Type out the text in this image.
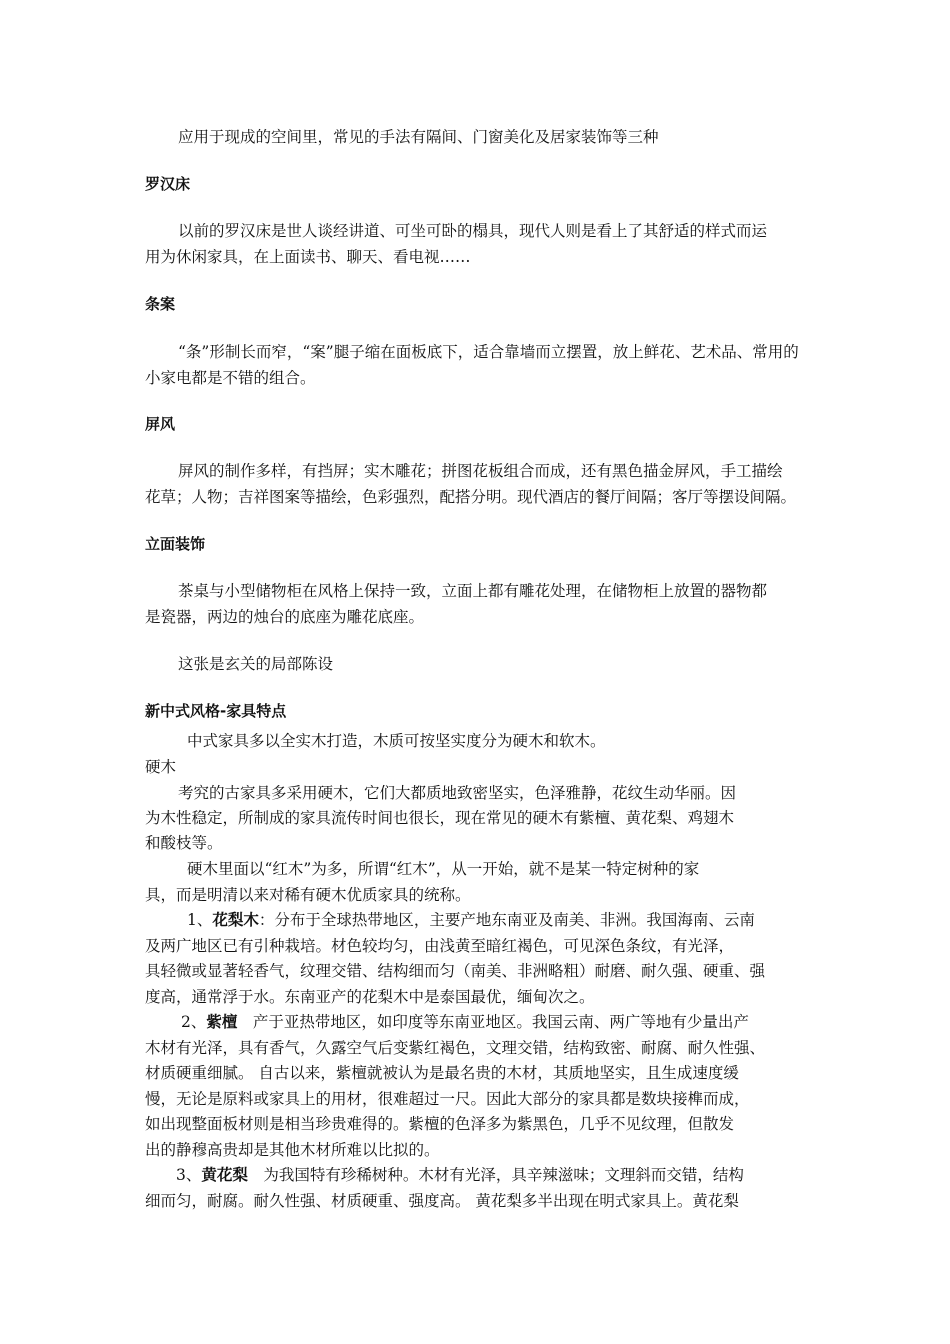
应用于现成的空间里，常见的手法有隔间、门窗美化及居家装饰等三种
罗汉床
以前的罗汉床是世人谈经讲道、可坐可卧的榻具，现代人则是看上了其舒适的样式而运
用为休闲家具，在上面读书、聊天、看电视……
条案
“条”形制长而窄，“案”腿子缩在面板底下，适合靠墙而立摆置，放上鲜花、艺术品、常用的
小家电都是不错的组合。
屏风
屏风的制作多样，有挡屏；实木雕花；拼图花板组合而成，还有黑色描金屏风，手工描绘
花草；人物；吉祥图案等描绘，色彩强烈，配搭分明。现代酒店的餐厅间隔；客厅等摆设间隔。
立面装饰
茶桌与小型储物柜在风格上保持一致，立面上都有雕花处理，在储物柜上放置的器物都
是瓷器，两边的烛台的底座为雕花底座。
这张是玄关的局部陈设
新中式风格-家具特点
中式家具多以全实木打造，木质可按坚实度分为硬木和软木。
硬木
考究的古家具多采用硬木，它们大都质地致密坚实，色泽雅静，花纹生动华丽。因
为木性稳定，所制成的家具流传时间也很长，现在常见的硬木有紫檀、黄花梨、鸡翅木
和酸枝等。
硬木里面以“红木”为多，所谓“红木”，从一开始，就不是某一特定树种的家
具，而是明清以来对稀有硬木优质家具的统称。
1、花梨木：分布于全球热带地区，主要产地东南亚及南美、非洲。我国海南、云南
及两广地区已有引种栽培。材色较均匀，由浅黄至暗红褐色，可见深色条纹，有光泽，
具轻微或显著轻香气，纹理交错、结构细而匀（南美、非洲略粗）耐磨、耐久强、硬重、强
度高，通常浮于水。东南亚产的花梨木中是泰国最优，缅甸次之。
2、紫檀　产于亚热带地区，如印度等东南亚地区。我国云南、两广等地有少量出产
木材有光泽，具有香气，久露空气后变紫红褐色，文理交错，结构致密、耐腐、耐久性强、
材质硬重细腻。 自古以来，紫檀就被认为是最名贵的木材，其质地坚实，且生成速度缓
慢，无论是原料或家具上的用材，很难超过一尺。因此大部分的家具都是数块接榫而成，
如出现整面板材则是相当珍贵难得的。紫檀的色泽多为紫黑色，几乎不见纹理，但散发
出的静穆高贵却是其他木材所难以比拟的。
3、黄花梨　为我国特有珍稀树种。木材有光泽，具辛辣滋味；文理斜而交错，结构
细而匀，耐腐。耐久性强、材质硬重、强度高。 黄花梨多半出现在明式家具上。黄花梨
